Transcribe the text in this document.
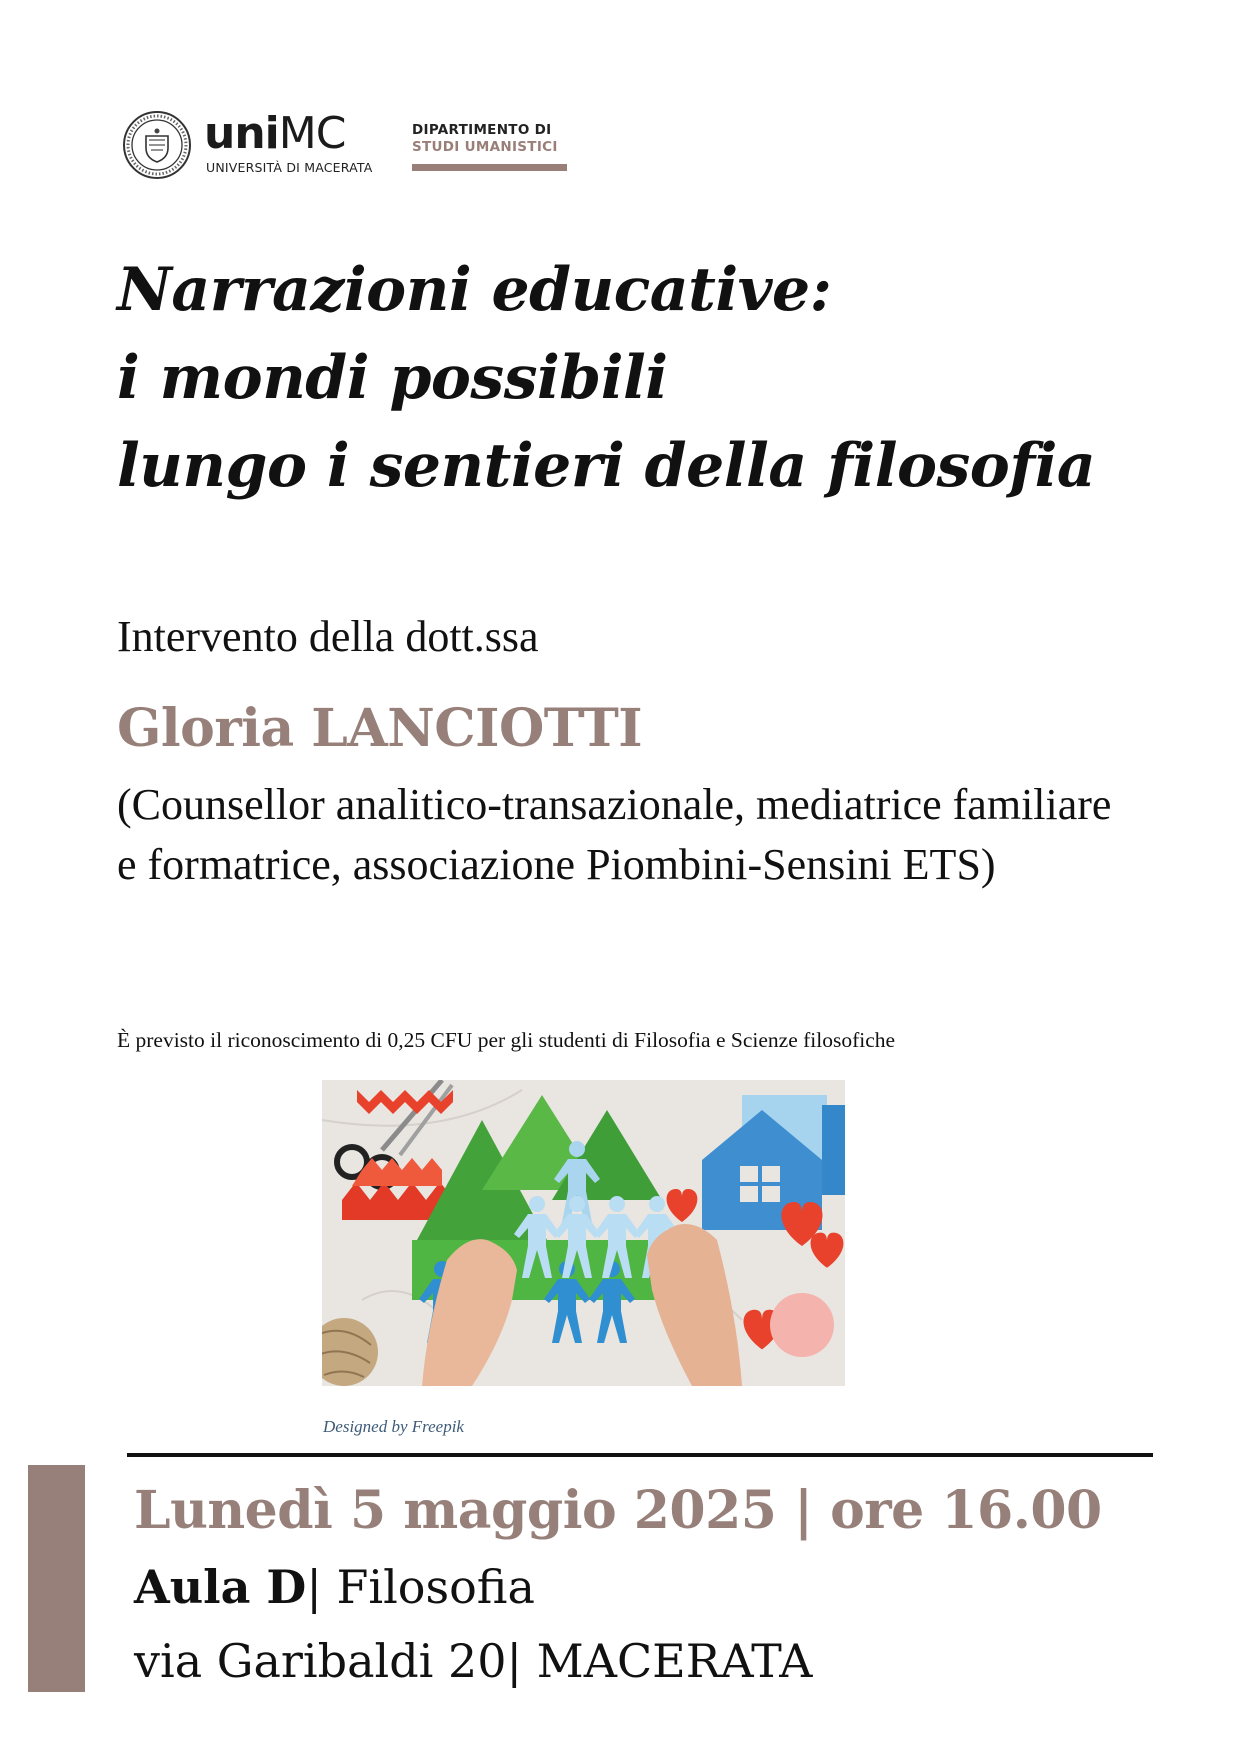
uniMC
UNIVERSITÀ DI MACERATA
DIPARTIMENTO DI
STUDI UMANISTICI
Narrazioni educative:
i mondi possibili
lungo i sentieri della filosofia
Intervento della dott.ssa
Gloria LANCIOTTI
(Counsellor analitico-transazionale, mediatrice familiare e formatrice, associazione Piombini-Sensini ETS)
È previsto il riconoscimento di 0,25 CFU per gli studenti di Filosofia e Scienze filosofiche
Designed by Freepik
Lunedì 5 maggio 2025 | ore 16.00
Aula D| Filosofia
via Garibaldi 20| MACERATA
